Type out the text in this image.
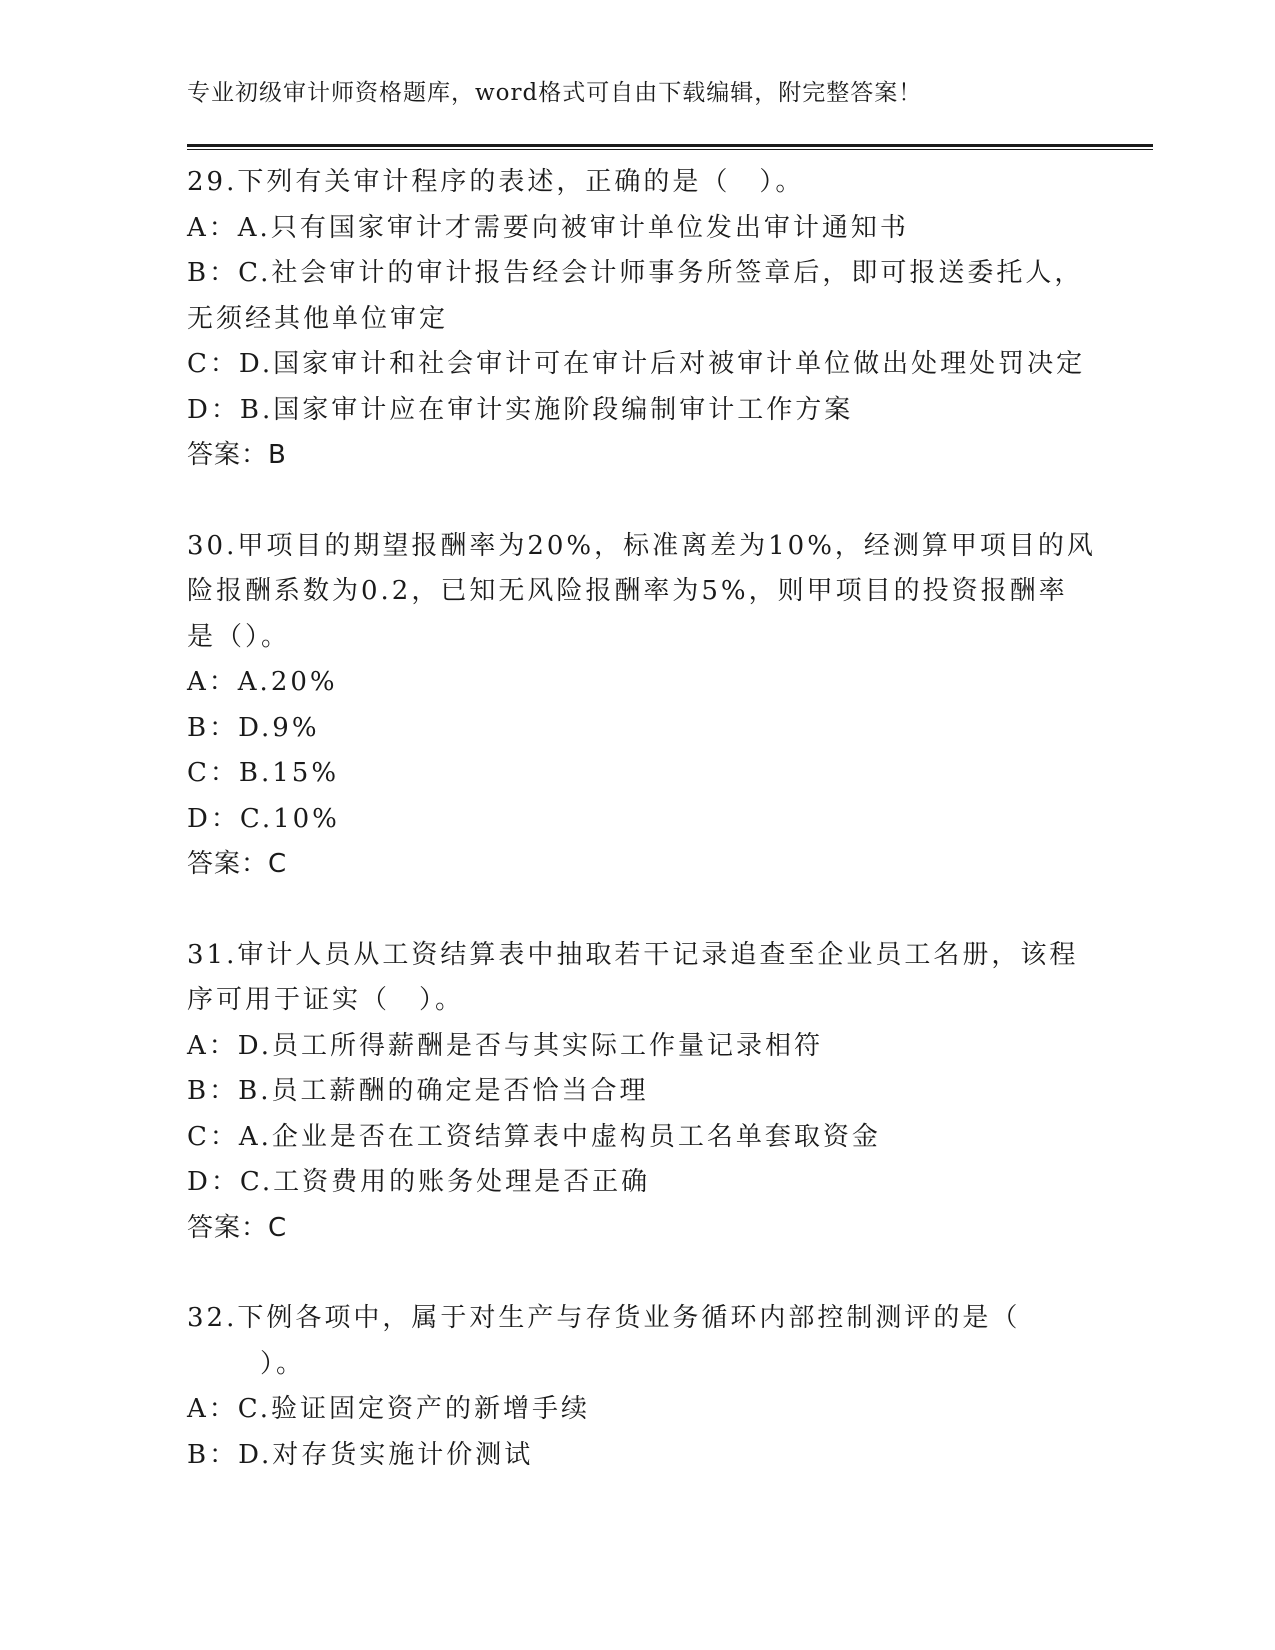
专业初级审计师资格题库，word格式可自由下载编辑，附完整答案！
29.下列有关审计程序的表述，正确的是（　）。
A：A.只有国家审计才需要向被审计单位发出审计通知书
B：C.社会审计的审计报告经会计师事务所签章后，即可报送委托人，
无须经其他单位审定
C：D.国家审计和社会审计可在审计后对被审计单位做出处理处罚决定
D：B.国家审计应在审计实施阶段编制审计工作方案
答案：B
30.甲项目的期望报酬率为20%，标准离差为10%，经测算甲项目的风
险报酬系数为0.2，已知无风险报酬率为5%，则甲项目的投资报酬率
是（）。
A：A.20%
B：D.9%
C：B.15%
D：C.10%
答案：C
31.审计人员从工资结算表中抽取若干记录追查至企业员工名册，该程
序可用于证实（　）。
A：D.员工所得薪酬是否与其实际工作量记录相符
B：B.员工薪酬的确定是否恰当合理
C：A.企业是否在工资结算表中虚构员工名单套取资金
D：C.工资费用的账务处理是否正确
答案：C
32.下例各项中，属于对生产与存货业务循环内部控制测评的是（
）。
A：C.验证固定资产的新增手续
B：D.对存货实施计价测试
